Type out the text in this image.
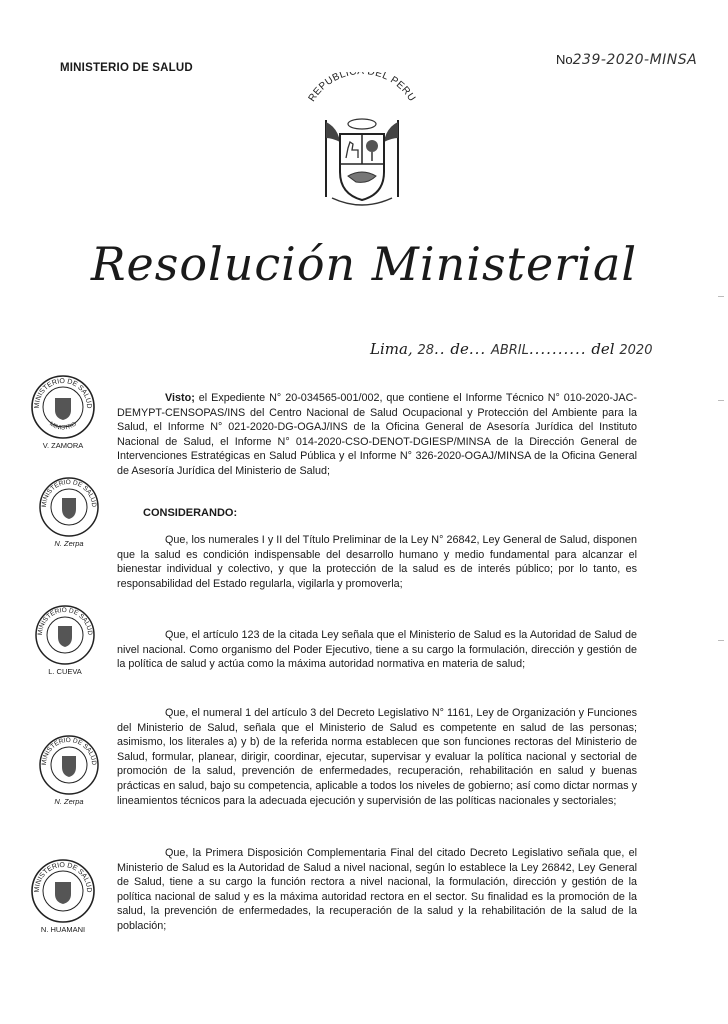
MINISTERIO DE SALUD
No239-2020-MINSA
REPUBLIC DEL PERU
Resolución Ministerial
Lima, 28.. de... ABRIL.......... del 2020
Visto; el Expediente N° 20-034565-001/002, que contiene el Informe Técnico N° 010-2020-JAC-DEMYPT-CENSOPAS/INS del Centro Nacional de Salud Ocupacional y Protección del Ambiente para la Salud, el Informe N° 021-2020-DG-OGAJ/INS de la Oficina General de Asesoría Jurídica del Instituto Nacional de Salud, el Informe N° 014-2020-CSO-DENOT-DGIESP/MINSA de la Dirección General de Intervenciones Estratégicas en Salud Pública y el Informe N° 326-2020-OGAJ/MINSA de la Oficina General de Asesoría Jurídica del Ministerio de Salud;
CONSIDERANDO:
Que, los numerales I y II del Título Preliminar de la Ley N° 26842, Ley General de Salud, disponen que la salud es condición indispensable del desarrollo humano y medio fundamental para alcanzar el bienestar individual y colectivo, y que la protección de la salud es de interés público; por lo tanto, es responsabilidad del Estado regularla, vigilarla y promoverla;
Que, el artículo 123 de la citada Ley señala que el Ministerio de Salud es la Autoridad de Salud de nivel nacional. Como organismo del Poder Ejecutivo, tiene a su cargo la formulación, dirección y gestión de la política de salud y actúa como la máxima autoridad normativa en materia de salud;
Que, el numeral 1 del artículo 3 del Decreto Legislativo N° 1161, Ley de Organización y Funciones del Ministerio de Salud, señala que el Ministerio de Salud es competente en salud de las personas; asimismo, los literales a) y b) de la referida norma establecen que son funciones rectoras del Ministerio de Salud, formular, planear, dirigir, coordinar, ejecutar, supervisar y evaluar la política nacional y sectorial de promoción de la salud, prevención de enfermedades, recuperación, rehabilitación en salud y buenas prácticas en salud, bajo su competencia, aplicable a todos los niveles de gobierno; así como dictar normas y lineamientos técnicos para la adecuada ejecución y supervisión de las políticas nacionales y sectoriales;
Que, la Primera Disposición Complementaria Final del citado Decreto Legislativo señala que, el Ministerio de Salud es la Autoridad de Salud a nivel nacional, según lo establece la Ley 26842, Ley General de Salud, tiene a su cargo la función rectora a nivel nacional, la formulación, dirección y gestión de la política nacional de salud y es la máxima autoridad rectora en el sector. Su finalidad es la promoción de la salud, la prevención de enfermedades, la recuperación de la salud y la rehabilitación de la salud de la población;
MINISTERIO DE SALUD
MINISTRO
V. ZAMORA
MINISTERIO DE SALUD
N. Zerpa
MINISTERIO DE SALUD
L. CUEVA
MINISTERIO DE SALUD
N. Zerpa
MINISTERIO DE SALUD
N. HUAMANI
